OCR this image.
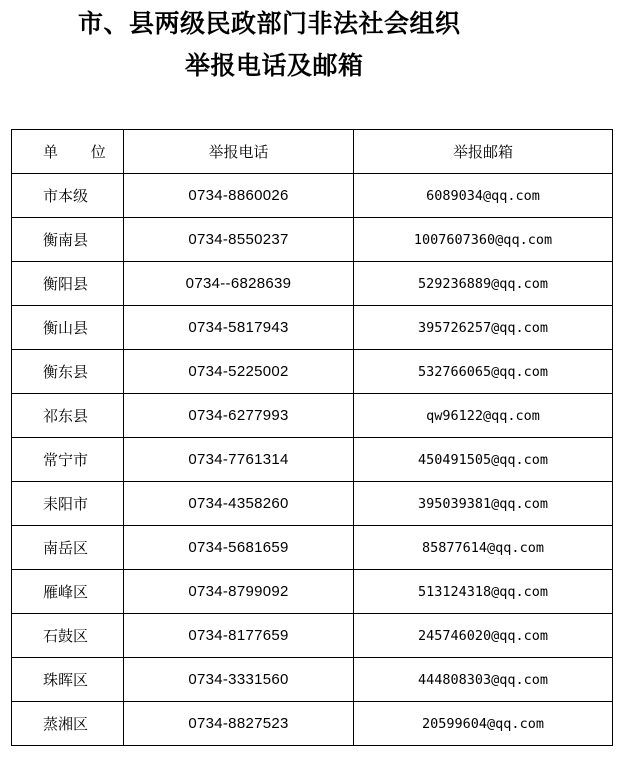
市、县两级民政部门非法社会组织
举报电话及邮箱
单 位	举报电话	举报邮箱
市本级	0734-8860026	6089034@qq.com
衡南县	0734-8550237	1007607360@qq.com
衡阳县	0734--6828639	529236889@qq.com
衡山县	0734-5817943	395726257@qq.com
衡东县	0734-5225002	532766065@qq.com
祁东县	0734-6277993	qw96122@qq.com
常宁市	0734-7761314	450491505@qq.com
耒阳市	0734-4358260	395039381@qq.com
南岳区	0734-5681659	85877614@qq.com
雁峰区	0734-8799092	513124318@qq.com
石鼓区	0734-8177659	245746020@qq.com
珠晖区	0734-3331560	444808303@qq.com
蒸湘区	0734-8827523	20599604@qq.com
